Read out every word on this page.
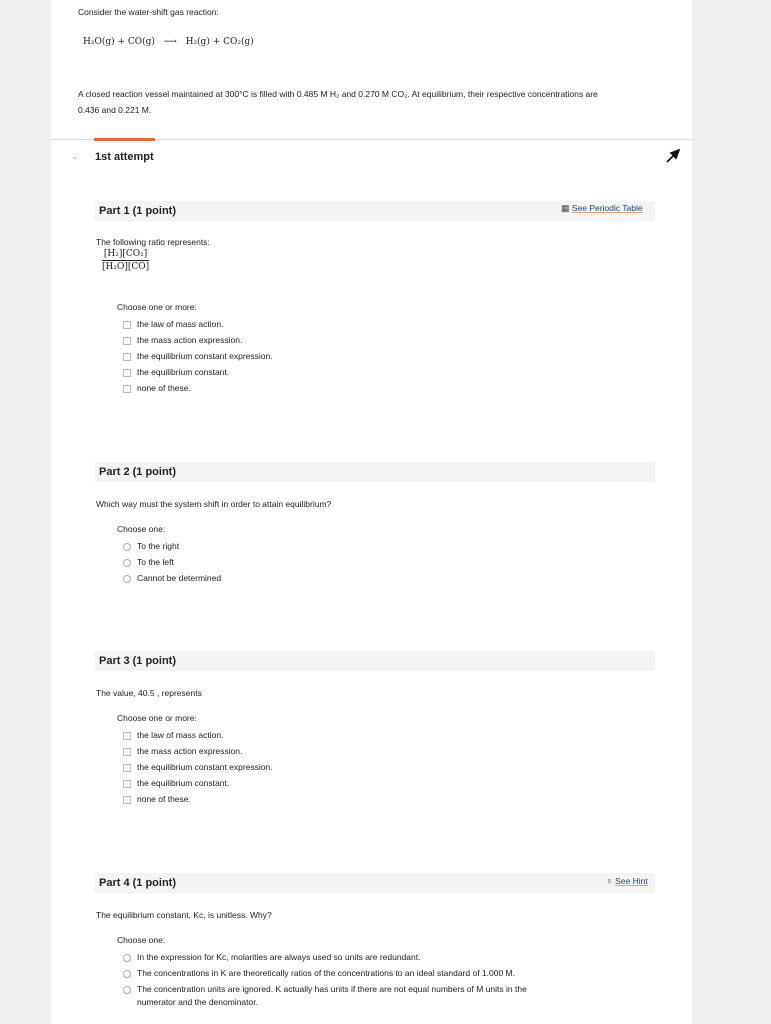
Consider the water-shift gas reaction:
H₂O(g) + CO(g) ⟶ H₂(g) + CO₂(g)
A closed reaction vessel maintained at 300°C is filled with 0.485 M H₂ and 0.270 M CO₂. At equilibrium, their respective concentrations are
0.436 and 0.221 M.
⌄ 1st attempt
Part 1 (1 point)	▦ See Periodic Table
The following ratio represents:
[H₂][CO₂]
[H₂O][CO]
Choose one or more:
the law of mass action.
the mass action expression.
the equilibrium constant expression.
the equilibrium constant.
none of these.
Part 2 (1 point)
Which way must the system shift in order to attain equilibrium?
Choose one:
To the right
To the left
Cannot be determined
Part 3 (1 point)
The value, 40.5 , represents
Choose one or more:
the law of mass action.
the mass action expression.
the equilibrium constant expression.
the equilibrium constant.
none of these.
Part 4 (1 point)	♀ See Hint
The equilibrium constant, Kc, is unitless. Why?
Choose one:
In the expression for Kc, molarities are always used so units are redundant.
The concentrations in K are theoretically ratios of the concentrations to an ideal standard of 1.000 M.
The concentration units are ignored. K actually has units if there are not equal numbers of M units in the
numerator and the denominator.
